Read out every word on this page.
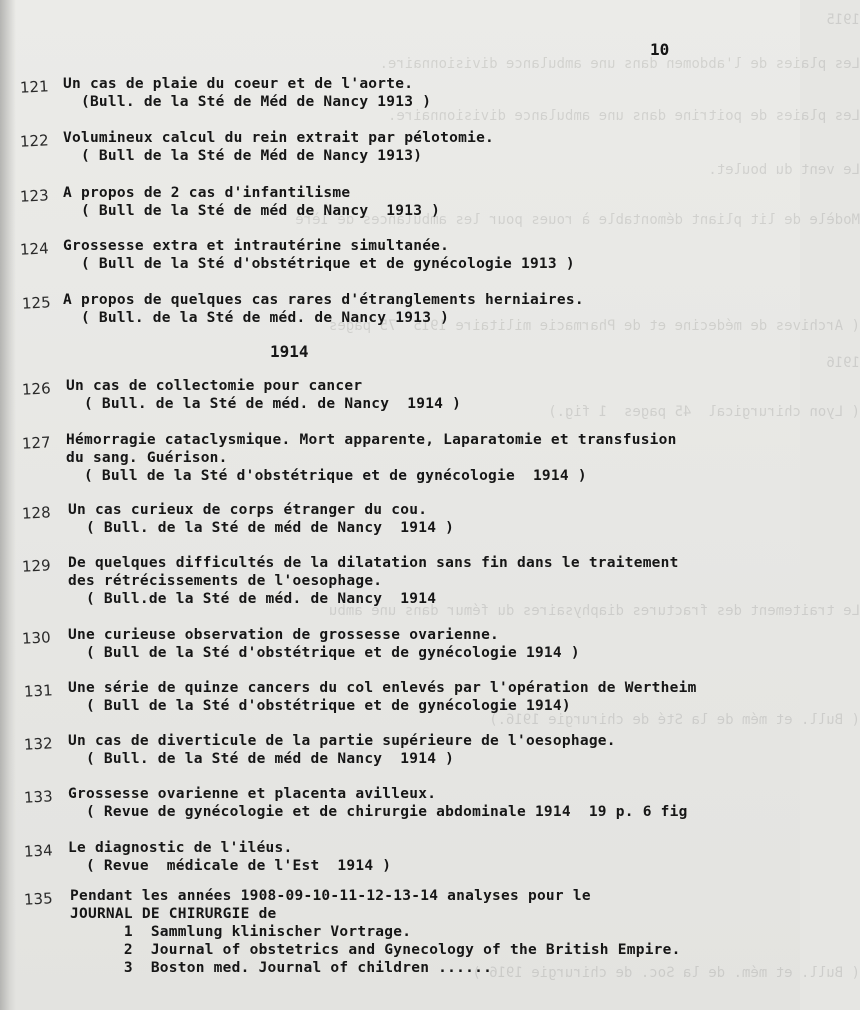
1915
Les plaies de l'abdomen dans une ambulance divisionnaire.
Les plaies de poitrine dans une ambulance divisionnaire.
Le vent du boulet.
Modèle de lit pliant démontable à roues pour les ambulances de 1ère
( Archives de médecine et de Pharmacie militaire 1915  75 pages
1916
( Lyon chirurgical  45 pages  1 fig.)
Le traitement des fractures diaphysaires du fémur dans une ambu
( Bull. et mém de la Sté de chirurgie 1916.)
( Bull. et mém. de la Soc. de chirurgie 1916 )
10
1914
121 Un cas de plaie du coeur et de l'aorte.
(Bull. de la Sté de Méd de Nancy 1913 )
122 Volumineux calcul du rein extrait par pélotomie.
( Bull de la Sté de Méd de Nancy 1913)
123 A propos de 2 cas d'infantilisme
( Bull de la Sté de méd de Nancy  1913 )
124 Grossesse extra et intrautérine simultanée.
( Bull de la Sté d'obstétrique et de gynécologie 1913 )
125 A propos de quelques cas rares d'étranglements herniaires.
( Bull. de la Sté de méd. de Nancy 1913 )
126 Un cas de collectomie pour cancer
( Bull. de la Sté de méd. de Nancy  1914 )
127 Hémorragie cataclysmique. Mort apparente, Laparatomie et transfusion
du sang. Guérison.
( Bull de la Sté d'obstétrique et de gynécologie  1914 )
128 Un cas curieux de corps étranger du cou.
( Bull. de la Sté de méd de Nancy  1914 )
129 De quelques difficultés de la dilatation sans fin dans le traitement
des rétrécissements de l'oesophage.
( Bull.de la Sté de méd. de Nancy  1914
130 Une curieuse observation de grossesse ovarienne.
( Bull de la Sté d'obstétrique et de gynécologie 1914 )
131 Une série de quinze cancers du col enlevés par l'opération de Wertheim
( Bull de la Sté d'obstétrique et de gynécologie 1914)
132 Un cas de diverticule de la partie supérieure de l'oesophage.
( Bull. de la Sté de méd de Nancy  1914 )
133 Grossesse ovarienne et placenta avilleux.
( Revue de gynécologie et de chirurgie abdominale 1914  19 p. 6 fig
134 Le diagnostic de l'iléus.
( Revue  médicale de l'Est  1914 )
135 Pendant les années 1908-09-10-11-12-13-14 analyses pour le
JOURNAL DE CHIRURGIE de
1  Sammlung klinischer Vortrage.
2  Journal of obstetrics and Gynecology of the British Empire.
3  Boston med. Journal of children ......
